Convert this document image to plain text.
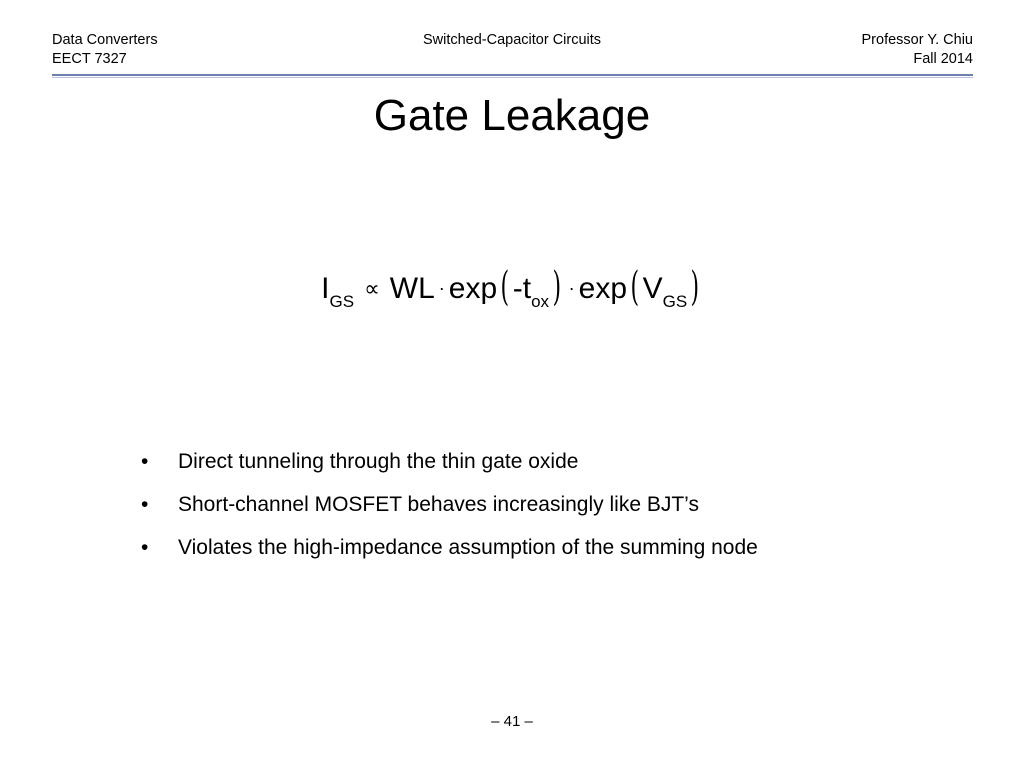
Data Converters
EECT 7327
Switched-Capacitor Circuits	Professor Y. Chiu
Fall 2014
Gate Leakage
I GS
∝ WL · exp ( -t ox ) · exp ( V GS )
•	Direct tunneling through the thin gate oxide
•	Short-channel MOSFET behaves increasingly like BJT’s
•	Violates the high-impedance assumption of the summing node
– 41 –
